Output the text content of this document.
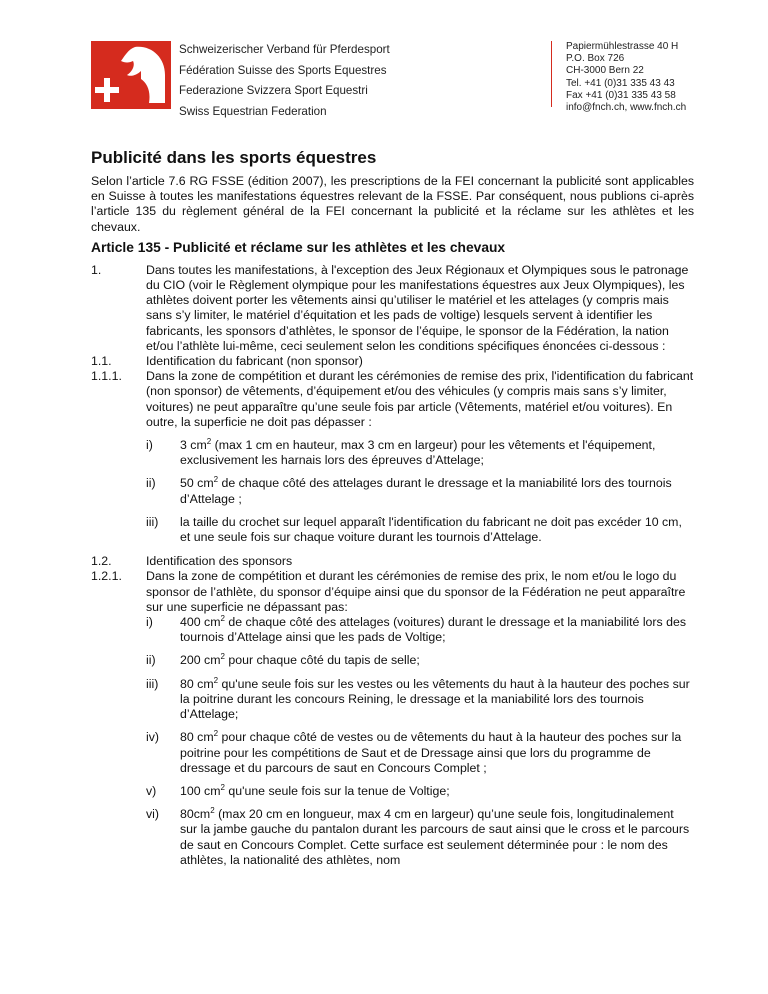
Schweizerischer Verband für Pferdesport
Fédération Suisse des Sports Equestres
Federazione Svizzera Sport Equestri
Swiss Equestrian Federation
Papiermühlestrasse 40 H
P.O. Box 726
CH-3000 Bern 22
Tel. +41 (0)31 335 43 43
Fax +41 (0)31 335 43 58
info@fnch.ch, www.fnch.ch
Publicité dans les sports équestres

Selon l’article 7.6 RG FSSE (édition 2007), les prescriptions de la FEI concernant la publicité sont applicables en Suisse à toutes les manifestations équestres relevant de la FSSE. Par conséquent, nous publions ci-après l’article 135 du règlement général de la FEI concernant la publicité et la réclame sur les athlètes et les chevaux.

Article 135 - Publicité et réclame sur les athlètes et les chevaux
1.	Dans toutes les manifestations, à l'exception des Jeux Régionaux et Olympiques sous le patronage du CIO (voir le Règlement olympique pour les manifestations équestres aux Jeux Olympiques), les athlètes doivent porter les vêtements ainsi qu’utiliser le matériel et les attelages (y compris mais sans s’y limiter, le matériel d’équitation et les pads de voltige) lesquels servent à identifier les fabricants, les sponsors d’athlètes, le sponsor de l’équipe, le sponsor de la Fédération, la nation et/ou l’athlète lui-même, ceci seulement selon les conditions spécifiques énoncées ci-dessous :
1.1.	Identification du fabricant (non sponsor)
1.1.1.	Dans la zone de compétition et durant les cérémonies de remise des prix, l'identification du fabricant (non sponsor) de vêtements, d’équipement et/ou des véhicules (y compris mais sans s’y limiter, voitures) ne peut apparaître qu’une seule fois par article (Vêtements, matériel et/ou voitures). En outre, la superficie ne doit pas dépasser :
i)	3 $cm^2$ (max 1 cm en hauteur, max 3 cm en largeur) pour les vêtements et l'équipement, exclusivement les harnais lors des épreuves d’Attelage;
ii)	50 $cm^2$ de chaque côté des attelages durant le dressage et la maniabilité lors des tournois d’Attelage ;
iii)	la taille du crochet sur lequel apparaît l'identification du fabricant ne doit pas excéder 10 cm, et une seule fois sur chaque voiture durant les tournois d’Attelage.
1.2.	Identification des sponsors
1.2.1.	Dans la zone de compétition et durant les cérémonies de remise des prix, le nom et/ou le logo du sponsor de l’athlète, du sponsor d’équipe ainsi que du sponsor de la Fédération ne peut apparaître sur une superficie ne dépassant pas:
i)	400 $cm^2$ de chaque côté des attelages (voitures) durant le dressage et la maniabilité lors des tournois d’Attelage ainsi que les pads de Voltige;
ii)	200 $cm^2$ pour chaque côté du tapis de selle;
iii)	80 $cm^2$ qu'une seule fois sur les vestes ou les vêtements du haut à la hauteur des poches sur la poitrine durant les concours Reining, le dressage et la maniabilité lors des tournois d’Attelage;
iv)	80 $cm^2$ pour chaque côté de vestes ou de vêtements du haut à la hauteur des poches sur la poitrine pour les compétitions de Saut et de Dressage ainsi que lors du programme de dressage et du parcours de saut en Concours Complet ;
v)	100 $cm^2$ qu'une seule fois sur la tenue de Voltige;
vi)	$80cm^2$ (max 20 cm en longueur, max 4 cm en largeur) qu’une seule fois, longitudinalement sur la jambe gauche du pantalon durant les parcours de saut ainsi que le cross et le parcours de saut en Concours Complet. Cette surface est seulement déterminée pour : le nom des athlètes, la nationalité des athlètes, nom
